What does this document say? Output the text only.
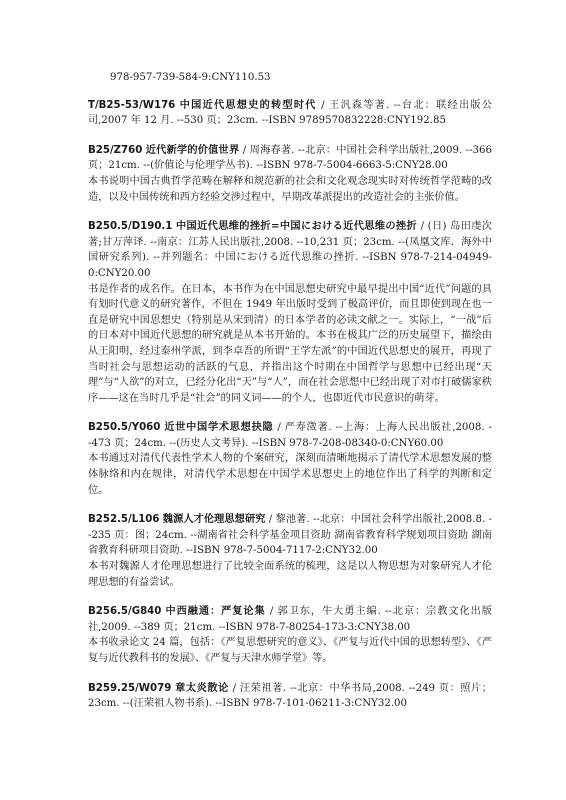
978-957-739-584-9:CNY110.53

T/B25-53/W176 中国近代思想史的转型时代 / 王汎森等著. --台北：联经出版公司,2007 年 12 月. --530 页；23cm. --ISBN 9789570832228:CNY192.85

B25/Z760 近代新学的价值世界 / 周海春著. --北京：中国社会科学出版社,2009. --366 页；21cm. --(价值论与伦理学丛书). --ISBN 978-7-5004-6663-5:CNY28.00

本书说明中国古典哲学范畴在解释和规范新的社会和文化观念现实时对传统哲学范畴的改造，以及中国传统和西方经验交涉过程中，早期改革派提出的改造社会的主张价值。

B250.5/D190.1 中国近代思维的挫折=中国における近代思维の挫折 / (日) 岛田虔次著;甘万萍译. --南京：江苏人民出版社,2008. --10,231 页；23cm. --(凤凰文库．海外中国研究系列). --并列题名：中国における近代思维の挫折. --ISBN 978-7-214-04949-0:CNY20.00

书是作者的成名作。在日本，本书作为在中国思想史研究中最早提出中国“近代”问题的具有划时代意义的研究著作，不但在 1949 年出版时受到了极高评价，而且即使到现在也一直是研究中国思想史（特别是从宋到清）的日本学者的必读文献之一。实际上，“一战”后的日本对中国近代思想的研究就是从本书开始的。本书在极其广泛的历史展望下，描绘由从王阳明，经过泰州学派，到李卓吾的所谓“王学左派”的中国近代思想史的展开，再现了当时社会与思想运动的活跃的气息，并指出这个时期在中国哲学与思想中已经出现“天理”与“人欲”的对立，已经分化出“天”与“人”，而在社会思想中已经出现了对市打破儒家秩序——这在当时几乎是“社会”的同义词——的个人，也即近代市民意识的萌芽。

B250.5/Y060 近世中国学术思想抉隐 / 严寿澂著. --上海：上海人民出版社,2008. --473 页；24cm. --(历史人文考异). --ISBN 978-7-208-08340-0:CNY60.00

本书通过对清代代表性学术人物的个案研究，深刻而清晰地揭示了清代学术思想发展的整体脉络和内在规律，对清代学术思想在中国学术思想史上的地位作出了科学的判断和定位。

B252.5/L106 魏源人才伦理思想研究 / 黎池著. --北京：中国社会科学出版社,2008.8. --235 页：图；24cm. --湖南省社会科学基金项目资助 湖南省教育科学规划项目资助 湖南省教育科研项目资助. --ISBN 978-7-5004-7117-2:CNY32.00

本书对魏源人才伦理思想进行了比较全面系统的梳理，这是以人物思想为对象研究人才伦理思想的有益尝试。

B256.5/G840 中西融通：严复论集 / 郭卫东，牛大勇主编. --北京：宗教文化出版社,2009. --389 页；21cm. --ISBN 978-7-80254-173-3:CNY38.00

本书收录论文 24 篇，包括：《严复思想研究的意义》、《严复与近代中国的思想转型》、《严复与近代教科书的发展》、《严复与天津水师学堂》等。

B259.25/W079 章太炎散论 / 汪荣祖著. --北京：中华书局,2008. --249 页：照片；23cm. --(汪荣祖人物书系). --ISBN 978-7-101-06211-3:CNY32.00
